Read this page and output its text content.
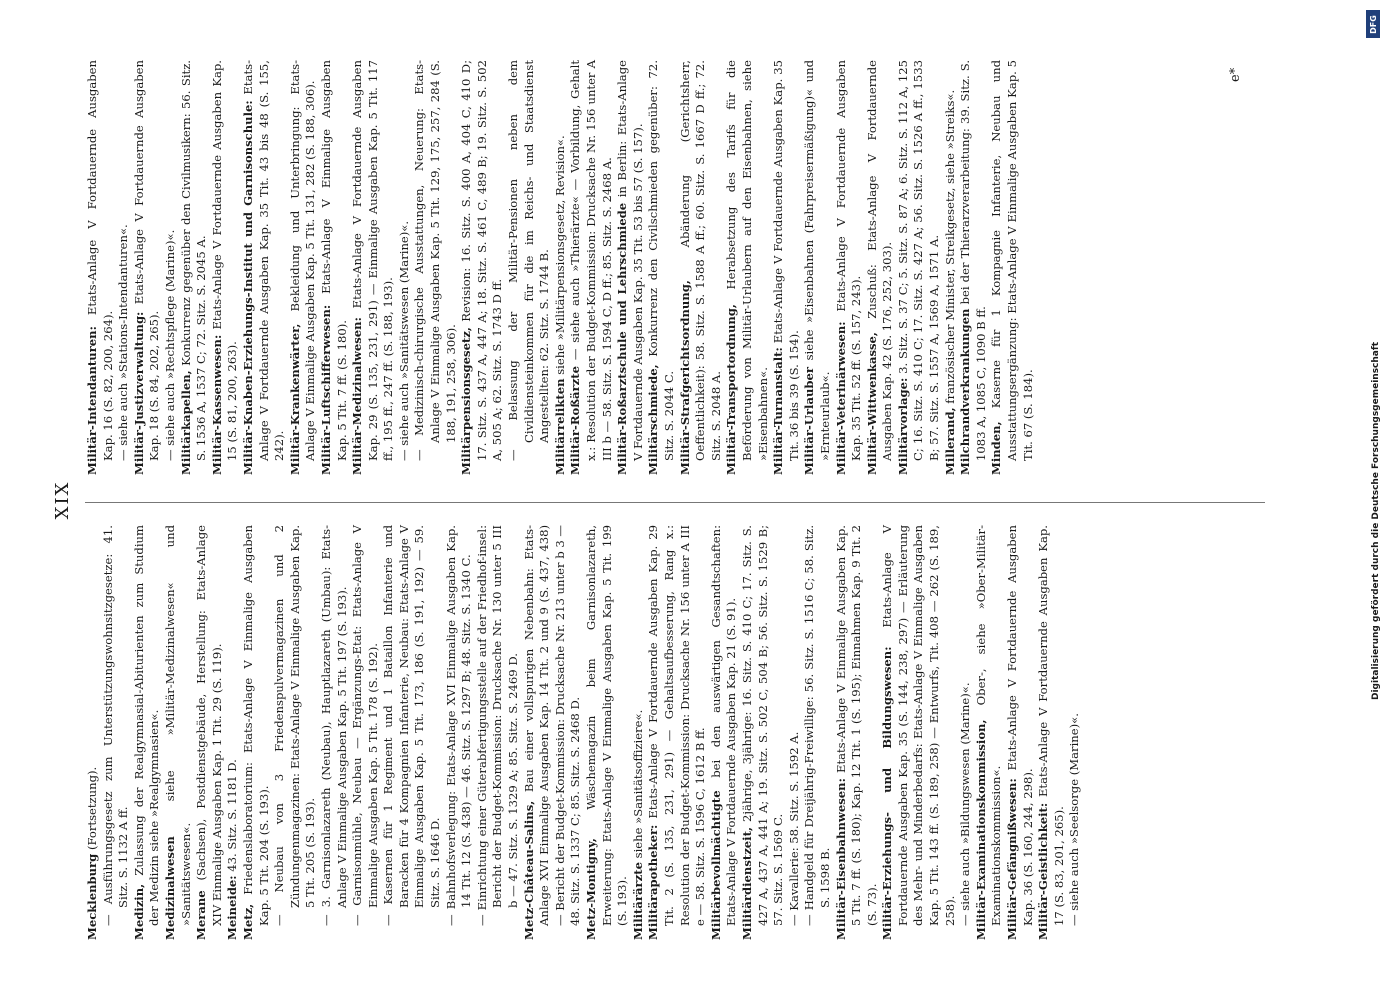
XIX

Mecklenburg (Fortsetzung). — Ausführungsgesetz zum Unterstützungswohnsitzgesetze: 41. Sitz. S. 1132 A ff.

Medizin, Zulassung der Realgymnasial-Abiturienten zum Studium der Medizin siehe »Realgymnasien«. Medizinalwesen siehe »Militär-Medizinalwesen« und »Sanitätswesen«. Merane (Sachsen), Postdienstgebäude, Herstellung: Etats-Anlage XIV Einmalige Ausgaben Kap. 1 Tit. 29 (S. 119). Meineide: 43. Sitz. S. 1181 D.

Metz, Friedenslaboratorium: Etats-Anlage V Einmalige Ausgaben Kap. 5 Tit. 204 (S. 193). — Neubau von 3 Friedenspulvermagazinen und 2 Zündungenmagazinen: Etats-Anlage V Einmalige Ausgaben Kap. 5 Tit. 205 (S. 193). — 3. Garnisonlazareth (Neubau), Hauptlazareth (Umbau): Etats-Anlage V Einmalige Ausgaben Kap. 5 Tit. 197 (S. 193). — Garnisonmühle, Neubau — Ergänzungs-Etat: Etats-Anlage V Einmalige Ausgaben Kap. 5 Tit. 178 (S. 192). — Kasernen für 1 Regiment und 1 Bataillon Infanterie und Baracken für 4 Kompagnien Infanterie, Neubau: Etats-Anlage V Einmalige Ausgaben Kap. 5 Tit. 173, 186 (S. 191, 192) — 59. Sitz. S. 1646 D. — Bahnhofsverlegung: Etats-Anlage XVI Einmalige Ausgaben Kap. 14 Tit. 12 (S. 438) — 46. Sitz. S. 1297 B; 48. Sitz. S. 1340 C. — Einrichtung einer Güterabfertigungsstelle auf der Friedhof-insel: Bericht der Budget-Kommission: Drucksache Nr. 130 unter 5 III b — 47. Sitz. S. 1329 A; 85. Sitz. S. 2469 D. Metz-Château-Salins, Bau einer vollspurigen Nebenbahn: Etats-Anlage XVI Einmalige Ausgaben Kap. 14 Tit. 2 und 9 (S. 437, 438) — Bericht der Budget-Kommission: Drucksache Nr. 213 unter b 3 — 48. Sitz. S. 1337 C; 85. Sitz. S. 2468 D. Metz-Montigny, Wäschemagazin beim Garnisonlazareth, Erweiterung: Etats-Anlage V Einmalige Ausgaben Kap. 5 Tit. 199 (S. 193). Militärärzte siehe »Sanitätsoffiziere«.

Militärapotheker: Etats-Anlage V Fortdauernde Ausgaben Kap. 29 Tit. 2 (S. 135, 231, 291) — Gehaltsaufbesserung, Rang x.: Resolution der Budget-Kommission: Drucksache Nr. 156 unter A III e — 58. Sitz. S. 1596 C, 1612 B ff. Militärbevollmächtigte bei den auswärtigen Gesandtschaften: Etats-Anlage V Fortdauernde Ausgaben Kap. 21 (S. 91). Militärdienstzeit, 2jährige, 3jährige: 16. Sitz. S. 410 C; 17. Sitz. S. 427 A, 437 A, 441 A; 19. Sitz. S. 502 C, 504 B; 56. Sitz. S. 1529 B; 57. Sitz. S. 1569 C. — Kavallerie: 58. Sitz. S. 1592 A. — Handgeld für Dreijährig-Freiwillige: 56. Sitz. S. 1516 C; 58. Sitz. S. 1598 B. Militär-Eisenbahnwesen: Etats-Anlage V Einmalige Ausgaben Kap. 5 Tit. 7 ff. (S. 180); Kap. 12 Tit. 1 (S. 195); Einnahmen Kap. 9 Tit. 2 (S. 73). Militär-Erziehungs- und Bildungswesen: Etats-Anlage V Fortdauernde Ausgaben Kap. 35 (S. 144, 238, 297) — Erläuterung des Mehr- und Minderbedarfs: Etats-Anlage V Einmalige Ausgaben Kap. 5 Tit. 143 ff. (S. 189, 258) — Entwurfs, Tit. 408 — 262 (S. 189, 258). — siehe auch »Bildungswesen (Marine)«. Militär-Examinationskommission, Ober-, siehe »Ober-Militär-Examinationskommission«. Militär-Gefängnißwesen: Etats-Anlage V Fortdauernde Ausgaben Kap. 36 (S. 160, 244, 298). Militär-Geistlichkeit: Etats-Anlage V Fortdauernde Ausgaben Kap. 17 (S. 83, 201, 265). — siehe auch »Seelsorge (Marine)«.

Militär-Intendanturen: Etats-Anlage V Fortdauernde Ausgaben Kap. 16 (S. 82, 200, 264). — siehe auch »Stations-Intendanturen«. Militär-Justizverwaltung: Etats-Anlage V Fortdauernde Ausgaben Kap. 18 (S. 84, 202, 265). — siehe auch »Rechtspflege (Marine)«. Militärkapellen, Konkurrenz gegenüber den Civilmusikern: 56. Sitz. S. 1536 A, 1537 C; 72. Sitz. S. 2045 A. Militär-Kassenwesen: Etats-Anlage V Fortdauernde Ausgaben Kap. 15 (S. 81, 200, 263). Militär-Knaben-Erziehungs-Institut und Garnisonschule: Etats-Anlage V Fortdauernde Ausgaben Kap. 35 Tit. 43 bis 48 (S. 155, 242). Militär-Krankenwärter, Bekleidung und Unterbringung: Etats-Anlage V Einmalige Ausgaben Kap. 5 Tit. 131, 282 (S. 188, 306). Militär-Luftschifferwesen: Etats-Anlage V Einmalige Ausgaben Kap. 5 Tit. 7 ff. (S. 180). Militär-Medizinalwesen: Etats-Anlage V Fortdauernde Ausgaben Kap. 29 (S. 135, 231, 291) — Einmalige Ausgaben Kap. 5 Tit. 117 ff., 195 ff., 247 ff. (S. 188, 193). — siehe auch »Sanitätswesen (Marine)«. — Medizinisch-chirurgische Ausstattungen, Neuerung: Etats-Anlage V Einmalige Ausgaben Kap. 5 Tit. 129, 175, 257, 284 (S. 188, 191, 258, 306). Militärpensionsgesetz, Revision: 16. Sitz. S. 400 A, 404 C, 410 D; 17. Sitz. S. 437 A, 447 A; 18. Sitz. S. 461 C, 489 B; 19. Sitz. S. 502 A, 505 A; 62. Sitz. S. 1743 D ff. — Belassung der Militär-Pensionen neben dem Civildiensteinkommen für die im Reichs- und Staatsdienst Angestellten: 62. Sitz. S. 1744 B. Militärrelikten siehe »Militärpensionsgesetz, Revision«.

Militär-Roßärzte — siehe auch »Thierärzte« — Vorbildung, Gehalt x.: Resolution der Budget-Kommission: Drucksache Nr. 156 unter A III b — 58. Sitz. S. 1594 C, D ff.; 85. Sitz. S. 2468 A. Militär-Roßarztschule und Lehrschmiede in Berlin: Etats-Anlage V Fortdauernde Ausgaben Kap. 35 Tit. 53 bis 57 (S. 157). Militärschmiede, Konkurrenz den Civilschmieden gegenüber: 72. Sitz. S. 2044 C. Militär-Strafgerichtsordnung, Abänderung (Gerichtsherr, Oeffentlichkeit): 58. Sitz. S. 1588 A ff.; 60. Sitz. S. 1667 D ff.; 72. Sitz. S. 2048 A. Militär-Transportordnung, Herabsetzung des Tarifs für die Beförderung von Militär-Urlaubern auf den Eisenbahnen, siehe »Eisenbahnen«. Militär-Turnanstalt: Etats-Anlage V Fortdauernde Ausgaben Kap. 35 Tit. 36 bis 39 (S. 154). Militär-Urlauber siehe »Eisenbahnen (Fahrpreisermäßigung)« und »Ernteurlaub«. Militär-Veterinärwesen: Etats-Anlage V Fortdauernde Ausgaben Kap. 35 Tit. 52 ff. (S. 157, 243). Militär-Wittwenkasse, Zuschuß: Etats-Anlage V Fortdauernde Ausgaben Kap. 42 (S. 176, 252, 303). Militärvorlage: 3. Sitz. S. 37 C; 5. Sitz. S. 87 A; 6. Sitz. S. 112 A, 125 C; 16. Sitz. S. 410 C; 17. Sitz. S. 427 A; 56. Sitz. S. 1526 A ff., 1533 B; 57. Sitz. S. 1557 A, 1569 A, 1571 A. Millerand, französischer Minister, Streikgesetz, siehe »Streiks«. Milchrandverkrankungen bei der Thierarzverarbeitung: 39. Sitz. S. 1083 A, 1085 C, 1090 B ff. Minden, Kaserne für 1 Kompagnie Infanterie, Neubau und Ausstattungsergänzung: Etats-Anlage V Einmalige Ausgaben Kap. 5 Tit. 67 (S. 184).

e*
DFG
Digitalisierung gefördert durch die Deutsche Forschungsgemeinschaft
